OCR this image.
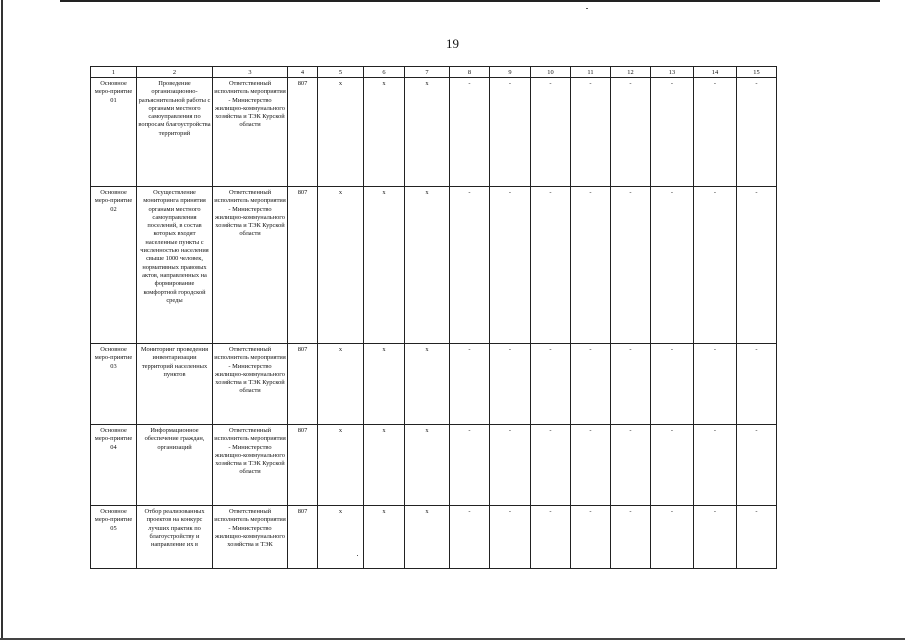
19
1	2	3	4	5	6	7	8	9	10	11	12	13	14	15
Основное меро-приятие 01	Проведение организационно-разъяснительной работы с органами местного самоуправления по вопросам благоустройства территорий	Ответственный исполнитель мероприятия - Министерство жилищно-коммунального хозяйства и ТЭК Курской области	807	x	x	x	-	-	-	-	-	-	-	-
Основное меро-приятие 02	Осуществление мониторинга принятия органами местного самоуправления поселений, в состав которых входят населенные пункты с численностью населения свыше 1000 человек, нормативных правовых актов, направленных на формирование комфортной городской среды	Ответственный исполнитель мероприятия - Министерство жилищно-коммунального хозяйства и ТЭК Курской области	807	x	x	x	-	-	-	-	-	-	-	-
Основное меро-приятие 03	Мониторинг проведения инвентаризации территорий населенных пунктов	Ответственный исполнитель мероприятия - Министерство жилищно-коммунального хозяйства и ТЭК Курской области	807	x	x	x	-	-	-	-	-	-	-	-
Основное меро-приятие 04	Информационное обеспечение граждан, организаций	Ответственный исполнитель мероприятия - Министерство жилищно-коммунального хозяйства и ТЭК Курской области	807	x	x	x	-	-	-	-	-	-	-	-
Основное меро-приятие 05	Отбор реализованных проектов на конкурс лучших практик по благоустройству и направление их в	Ответственный исполнитель мероприятия - Министерство жилищно-коммунального хозяйства и ТЭК	807	x	x	x	-	-	-	-	-	-	-	-
